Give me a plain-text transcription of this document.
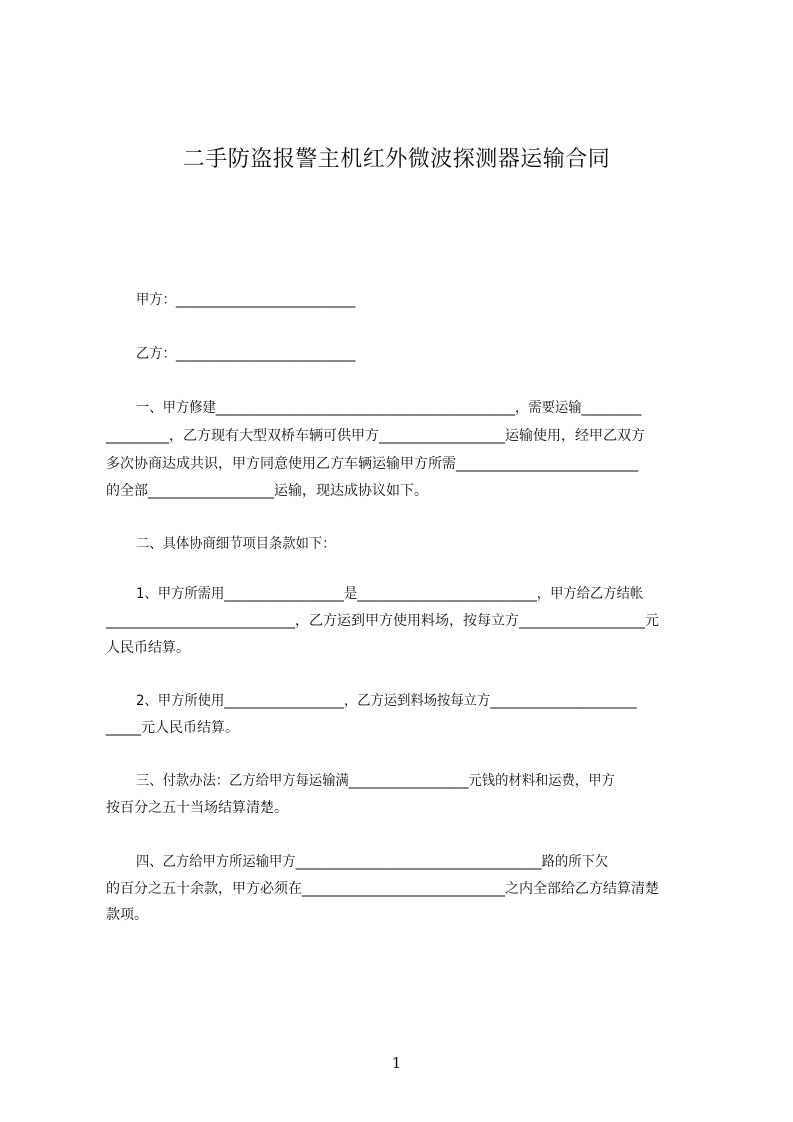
二手防盗报警主机红外微波探测器运输合同
甲方：___________________________
乙方：___________________________
一、甲方修建_____________________________________________，需要运输_________
_________，乙方现有大型双桥车辆可供甲方__________________运输使用，经甲乙双方
多次协商达成共识，甲方同意使用乙方车辆运输甲方所需__________________________
的全部__________________运输，现达成协议如下。
二、具体协商细节项目条款如下：
1、甲方所需用__________________是___________________________，甲方给乙方结帐
___________________________，乙方运到甲方使用料场，按每立方__________________元
人民币结算。
2、甲方所使用__________________，乙方运到料场按每立方______________________
_____元人民币结算。
三、付款办法：乙方给甲方每运输满__________________元钱的材料和运费，甲方
按百分之五十当场结算清楚。
四、乙方给甲方所运输甲方_____________________________________路的所下欠
的百分之五十余款，甲方必须在_____________________________之内全部给乙方结算清楚
款项。
1
